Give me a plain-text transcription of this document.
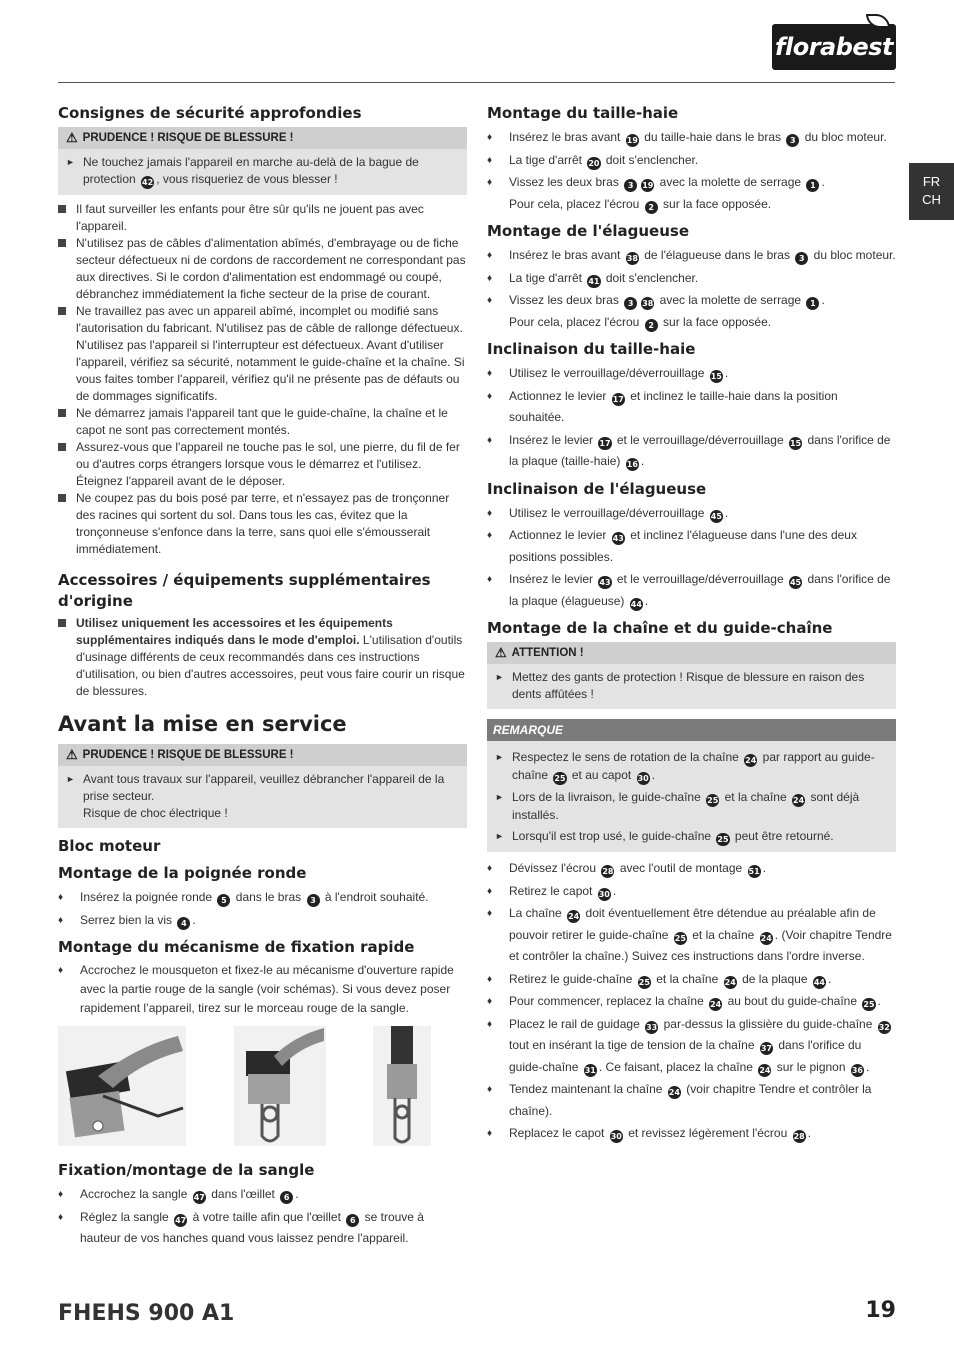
florabest
FR
CH
Consignes de sécurité approfondies
⚠ PRUDENCE ! RISQUE DE BLESSURE !
► Ne touchez jamais l'appareil en marche au-delà de la bague de protection 42 , vous risqueriez de vous blesser !
Il faut surveiller les enfants pour être sûr qu'ils ne jouent pas avec l'appareil.
N'utilisez pas de câbles d'alimentation abîmés, d'embrayage ou de fiche secteur défectueux ni de cordons de raccordement ne correspondant pas aux directives. Si le cordon d'alimentation est endommagé ou coupé, débranchez immédiatement la fiche secteur de la prise de courant.
Ne travaillez pas avec un appareil abîmé, incomplet ou modifié sans l'autorisation du fabricant. N'utilisez pas de câble de rallonge défectueux. N'utilisez pas l'appareil si l'interrupteur est défectueux. Avant d'utiliser l'appareil, vérifiez sa sécurité, notamment le guide-chaîne et la chaîne. Si vous faites tomber l'appareil, vérifiez qu'il ne présente pas de défauts ou de dommages significatifs.
Ne démarrez jamais l'appareil tant que le guide-chaîne, la chaîne et le capot ne sont pas correctement montés.
Assurez-vous que l'appareil ne touche pas le sol, une pierre, du fil de fer ou d'autres corps étrangers lorsque vous le démarrez et l'utilisez. Éteignez l'appareil avant de le déposer.
Ne coupez pas du bois posé par terre, et n'essayez pas de tronçonner des racines qui sortent du sol. Dans tous les cas, évitez que la tronçonneuse s'enfonce dans la terre, sans quoi elle s'émousserait immédiatement.
Accessoires / équipements supplémentaires d'origine
Utilisez uniquement les accessoires et les équipements supplémentaires indiqués dans le mode d'emploi. L'utilisation d'outils d'usinage différents de ceux recommandés dans ces instructions d'utilisation, ou bien d'autres accessoires, peut vous faire courir un risque de blessures.
Avant la mise en service
⚠ PRUDENCE ! RISQUE DE BLESSURE !
► Avant tous travaux sur l'appareil, veuillez débrancher l'appareil de la prise secteur.
Risque de choc électrique !
Bloc moteur
Montage de la poignée ronde
♦ Insérez la poignée ronde 5 dans le bras 3 à l'endroit souhaité.
♦ Serrez bien la vis 4 .
Montage du mécanisme de fixation rapide
♦ Accrochez le mousqueton et fixez-le au mécanisme d'ouverture rapide avec la partie rouge de la sangle (voir schémas). Si vous devez poser rapidement l’appareil, tirez sur le morceau rouge de la sangle.
Fixation/montage de la sangle
♦ Accrochez la sangle 47 dans l'œillet 6 .
♦ Réglez la sangle 47 à votre taille afin que l'œillet 6 se trouve à hauteur de vos hanches quand vous laissez pendre l'appareil.
Montage du taille-haie
♦ Insérez le bras avant 19 du taille-haie dans le bras 3 du bloc moteur.
♦ La tige d'arrêt 20 doit s'enclencher.
♦ Vissez les deux bras 3 19 avec la molette de serrage 1 .
Pour cela, placez l'écrou 2 sur la face opposée.
Montage de l'élagueuse
♦ Insérez le bras avant 38 de l'élagueuse dans le bras 3 du bloc moteur.
♦ La tige d'arrêt 41 doit s'enclencher.
♦ Vissez les deux bras 3 38 avec la molette de serrage 1 .
Pour cela, placez l'écrou 2 sur la face opposée.
Inclinaison du taille-haie
♦ Utilisez le verrouillage/déverrouillage 15 .
♦ Actionnez le levier 17 et inclinez le taille-haie dans la position souhaitée.
♦ Insérez le levier 17 et le verrouillage/déverrouillage 15 dans l'orifice de la plaque (taille-haie) 16 .
Inclinaison de l'élagueuse
♦ Utilisez le verrouillage/déverrouillage 45 .
♦ Actionnez le levier 43 et inclinez l'élagueuse dans l'une des deux positions possibles.
♦ Insérez le levier 43 et le verrouillage/déverrouillage 45 dans l'orifice de la plaque (élagueuse) 44 .
Montage de la chaîne et du guide-chaîne
⚠ ATTENTION !
► Mettez des gants de protection ! Risque de blessure en raison des dents affûtées !
REMARQUE
► Respectez le sens de rotation de la chaîne 24 par rapport au guide-chaîne 25 et au capot 30 .
► Lors de la livraison, le guide-chaîne 25 et la chaîne 24 sont déjà installés.
► Lorsqu'il est trop usé, le guide-chaîne 25 peut être retourné.
♦ Dévissez l'écrou 28 avec l'outil de montage 51 .
♦ Retirez le capot 30 .
♦ La chaîne 24 doit éventuellement être détendue au préalable afin de pouvoir retirer le guide-chaîne 25 et la chaîne 24 . (Voir chapitre Tendre et contrôler la chaîne.) Suivez ces instructions dans l'ordre inverse.
♦ Retirez le guide-chaîne 25 et la chaîne 24 de la plaque 44 .
♦ Pour commencer, replacez la chaîne 24 au bout du guide-chaîne 25 .
♦ Placez le rail de guidage 33 par-dessus la glissière du guide-chaîne 32 tout en insérant la tige de tension de la chaîne 37 dans l'orifice du guide-chaîne 31 . Ce faisant, placez la chaîne 24 sur le pignon 36 .
♦ Tendez maintenant la chaîne 24 (voir chapitre Tendre et contrôler la chaîne).
♦ Replacez le capot 30 et revissez légèrement l'écrou 28 .
FHEHS 900 A1	19
